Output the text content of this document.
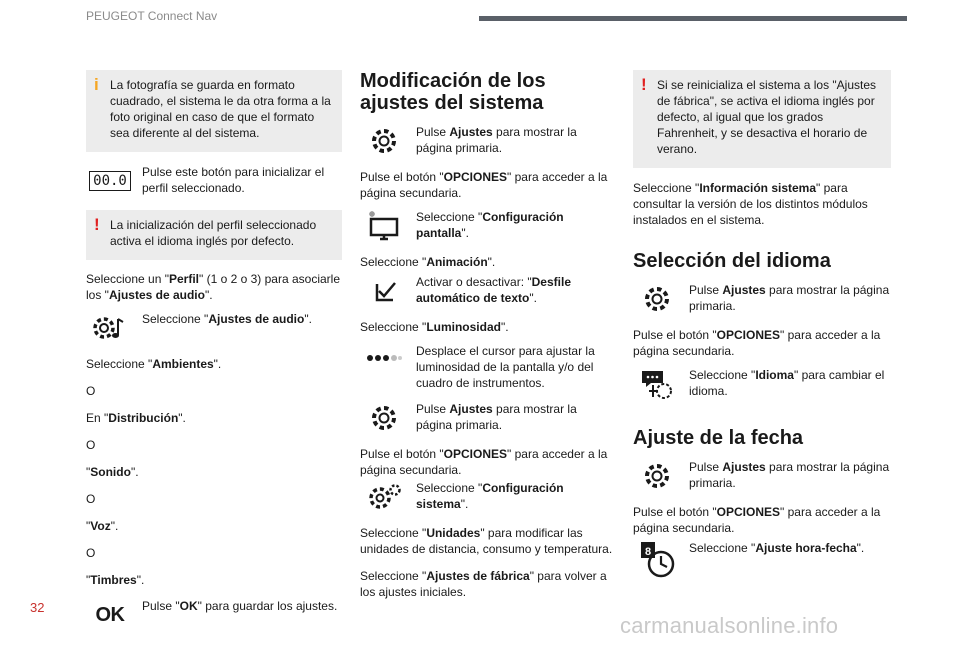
PEUGEOT Connect Nav
32
carmanualsonline.info
i La fotografía se guarda en formato cuadrado, el sistema le da otra forma a la foto original en caso de que el formato sea diferente al del sistema.

00.0

Pulse este botón para inicializar el perfil seleccionado.

! La inicialización del perfil seleccionado activa el idioma inglés por defecto.

Seleccione un "Perfil" (1 o 2 o 3) para asociarle los "Ajustes de audio".

Seleccione "Ajustes de audio".

Seleccione "Ambientes".

O

En "Distribución".

O

"Sonido".

O

"Voz".

O

"Timbres".

OK Pulse "OK" para guardar los ajustes.

Modificación de los ajustes del sistema

Pulse Ajustes para mostrar la página primaria.

Pulse el botón "OPCIONES" para acceder a la página secundaria.

Seleccione "Configuración pantalla".

Seleccione "Animación".

Activar o desactivar: "Desfile automático de texto".

Seleccione "Luminosidad".

Desplace el cursor para ajustar la luminosidad de la pantalla y/o del cuadro de instrumentos.

Pulse Ajustes para mostrar la página primaria.

Pulse el botón "OPCIONES" para acceder a la página secundaria.

Seleccione "Configuración sistema".

Seleccione "Unidades" para modificar las unidades de distancia, consumo y temperatura.

Seleccione "Ajustes de fábrica" para volver a los ajustes iniciales.

! Si se reinicializa el sistema a los "Ajustes de fábrica", se activa el idioma inglés por defecto, al igual que los grados Fahrenheit, y se desactiva el horario de verano.

Seleccione "Información sistema" para consultar la versión de los distintos módulos instalados en el sistema.

Selección del idioma

Pulse Ajustes para mostrar la página primaria.

Pulse el botón "OPCIONES" para acceder a la página secundaria.

Seleccione "Idioma" para cambiar el idioma.

Ajuste de la fecha

Pulse Ajustes para mostrar la página primaria.

Pulse el botón "OPCIONES" para acceder a la página secundaria.

8	Seleccione "Ajuste hora-fecha".
